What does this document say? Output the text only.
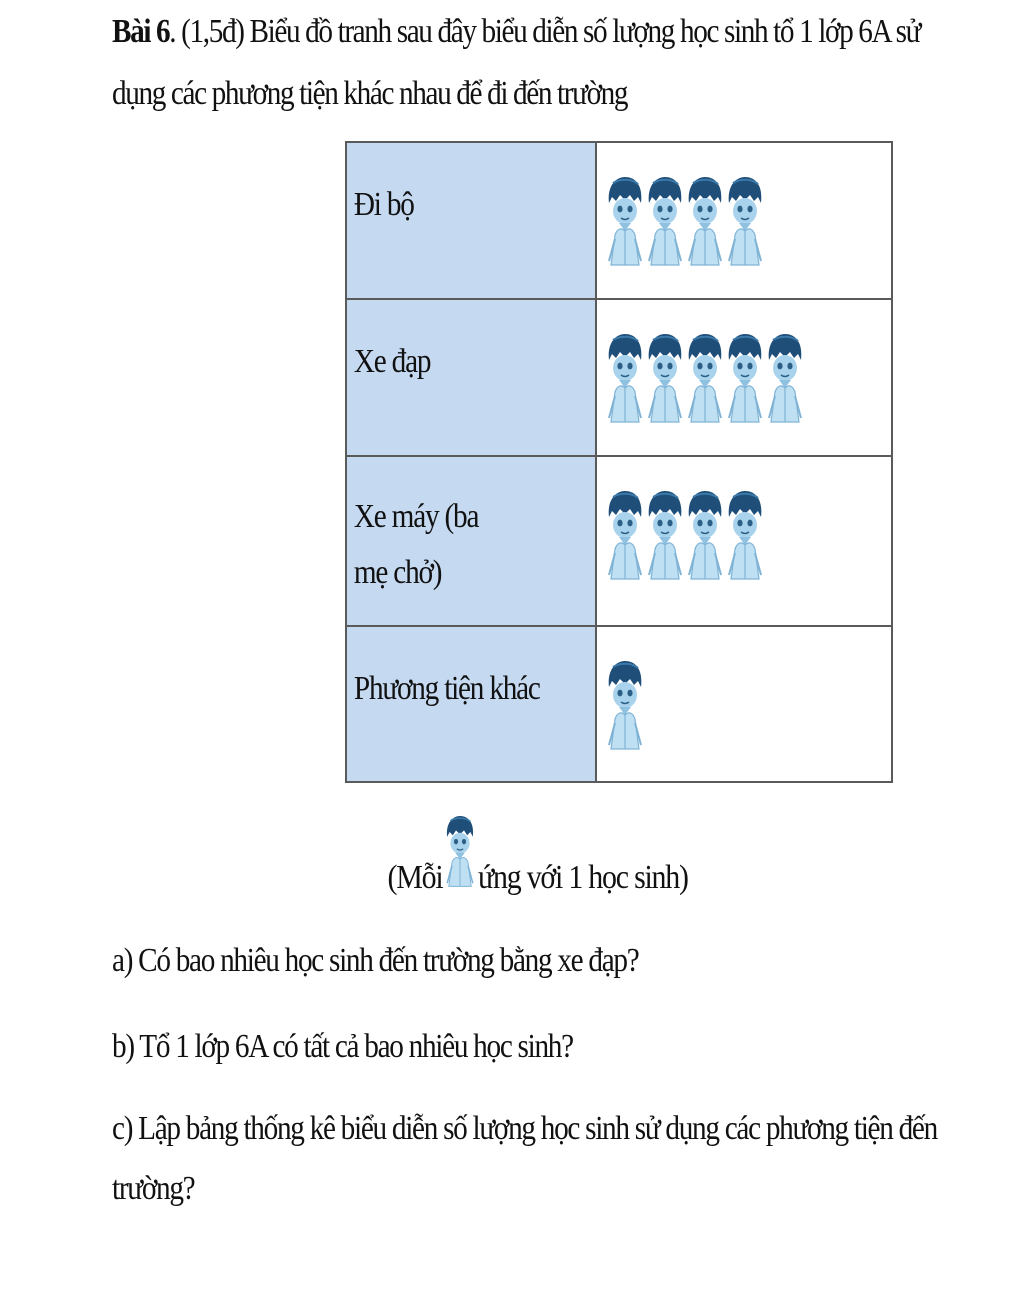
Bài 6. (1,5đ) Biểu đồ tranh sau đây biểu diễn số lượng học sinh tổ 1 lớp 6A sử
dụng các phương tiện khác nhau để đi đến trường
Đi bộ

Xe đạp

Xe máy (ba mẹ chở)

Phương tiện khác

(Mỗi ứng với 1 học sinh)
a) Có bao nhiêu học sinh đến trường bằng xe đạp?
b) Tổ 1 lớp 6A có tất cả bao nhiêu học sinh?
c) Lập bảng thống kê biểu diễn số lượng học sinh sử dụng các phương tiện đến
trường?
